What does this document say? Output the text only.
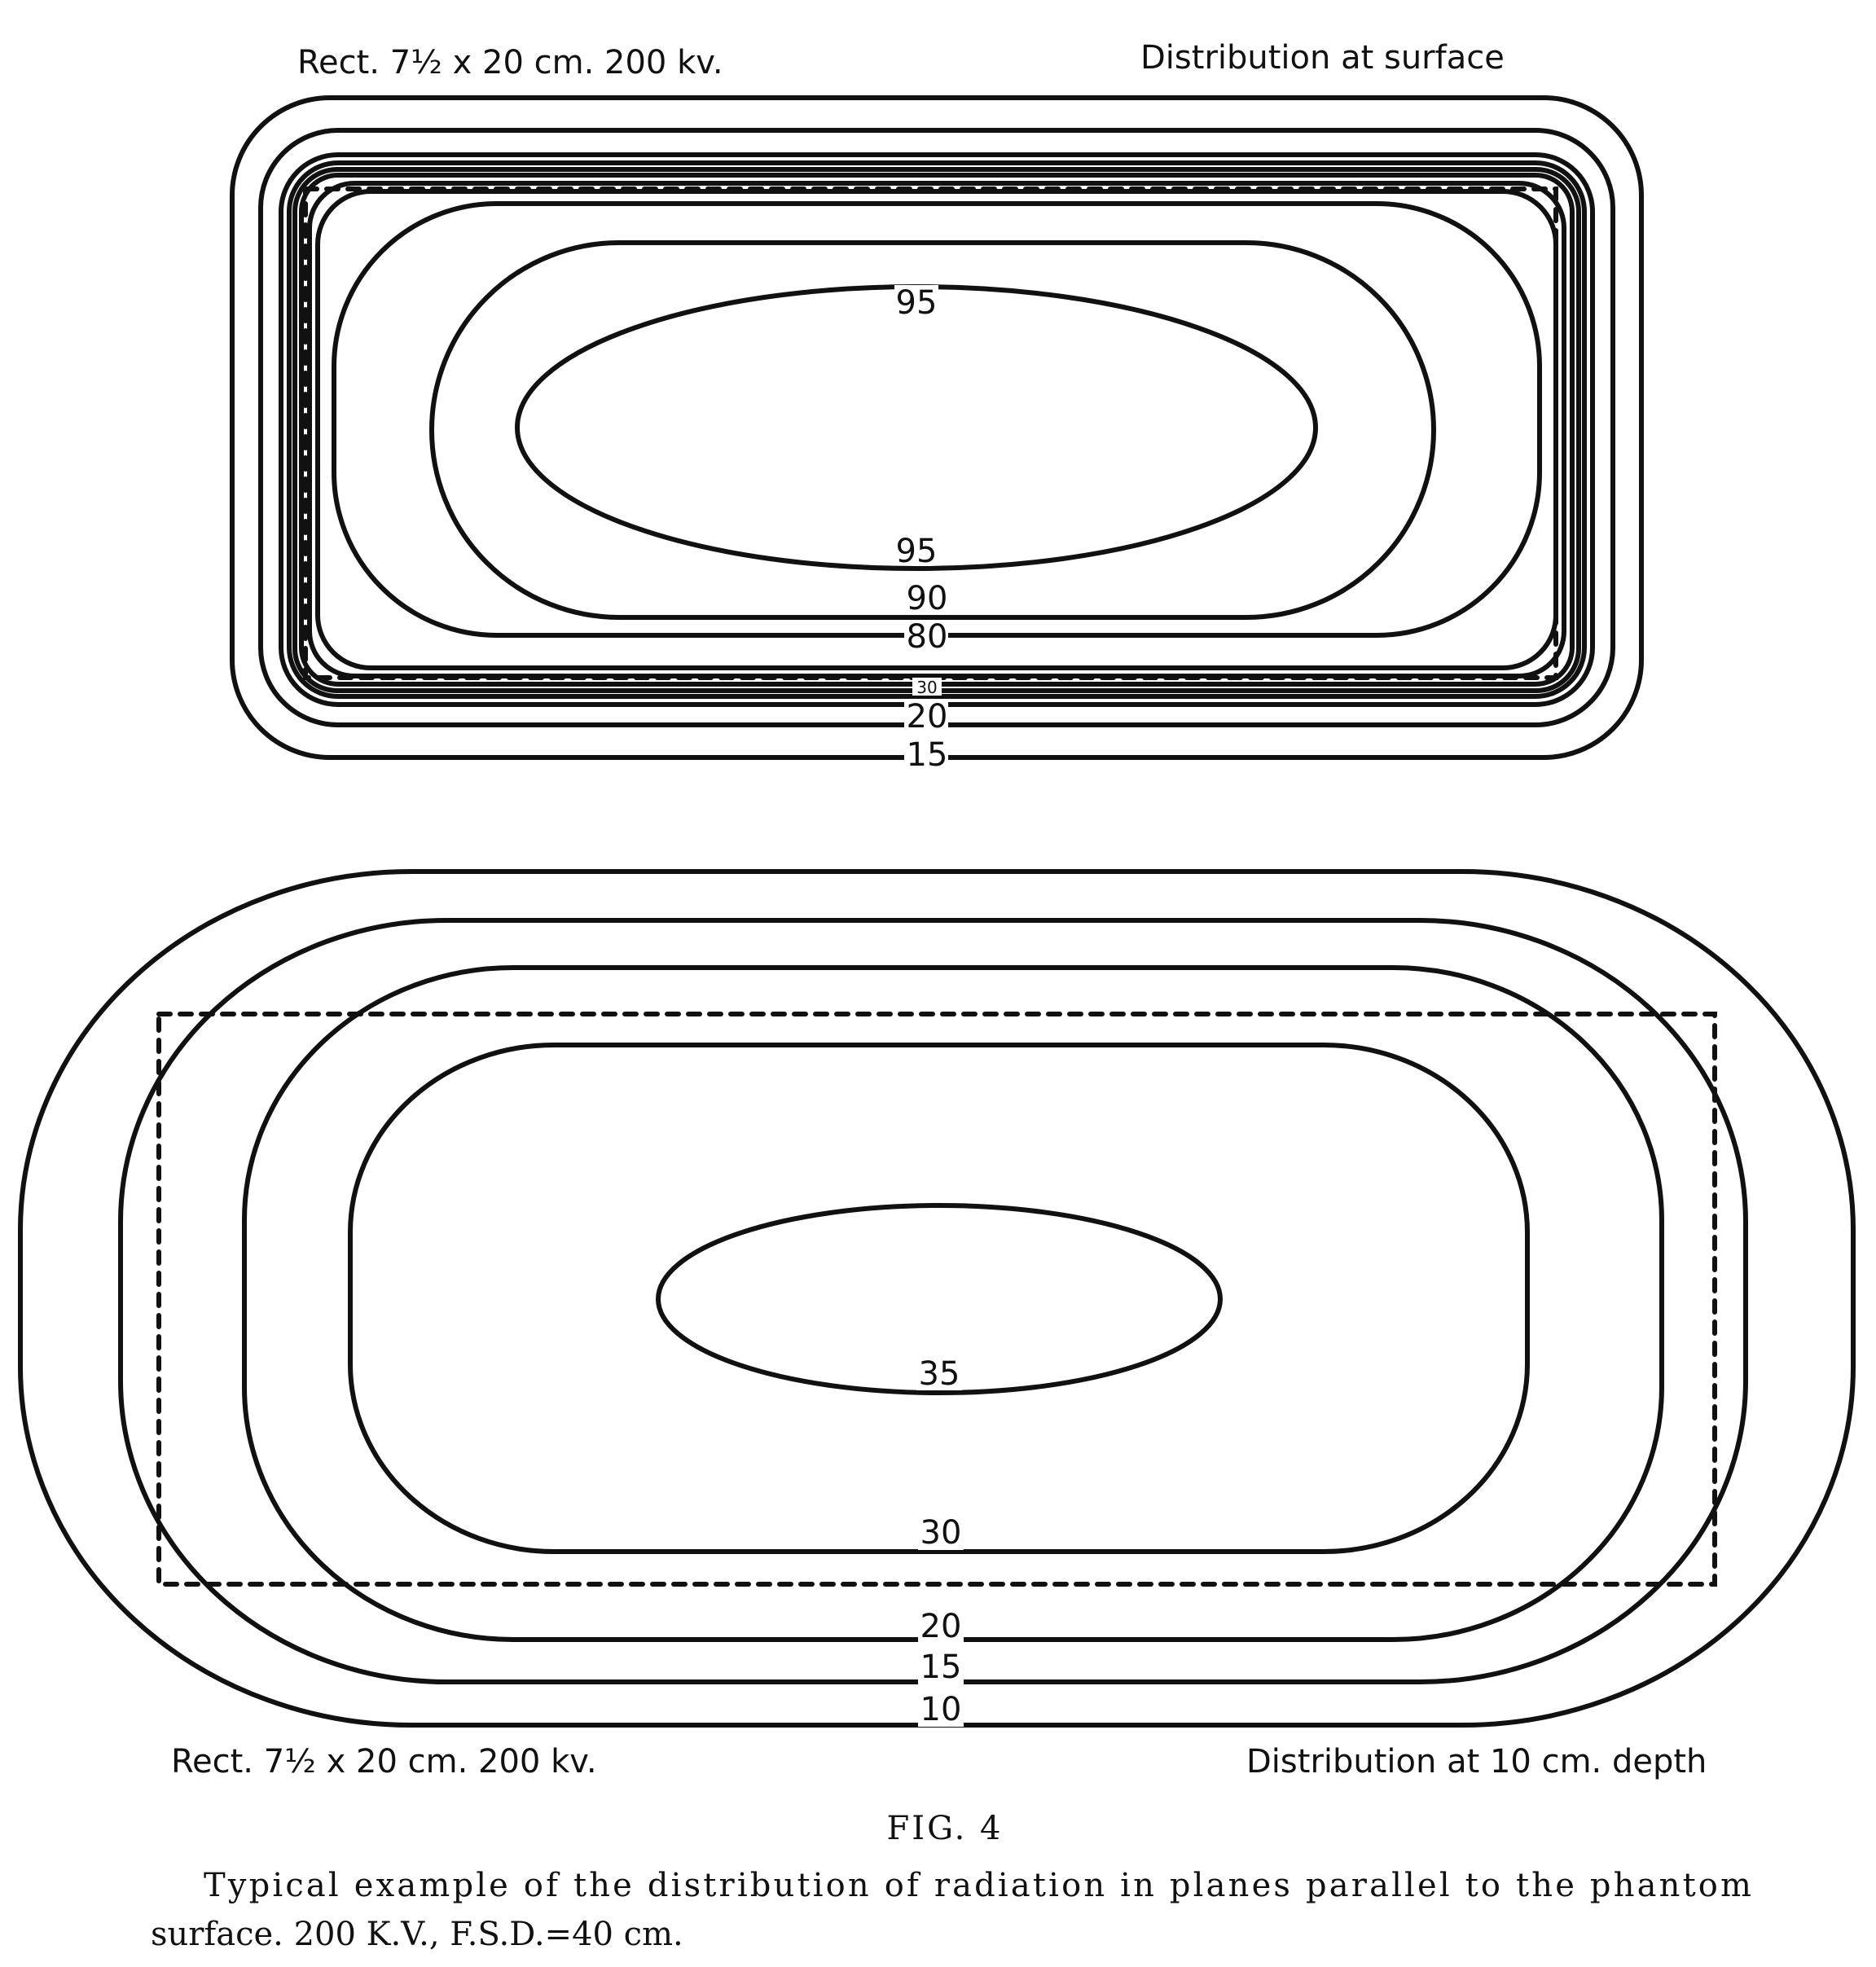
Rect. 7½ x 20 cm. 200 kv.	Distribution at surface
95
95
90
80
30
20
15
35
30
20
15
10
Rect. 7½ x 20 cm. 200 kv.	Distribution at 10 cm. depth
FIG. 4
Typical example of the distribution of radiation in planes parallel to the phantom
surface. 200 K.V., F.S.D.=40 cm.
